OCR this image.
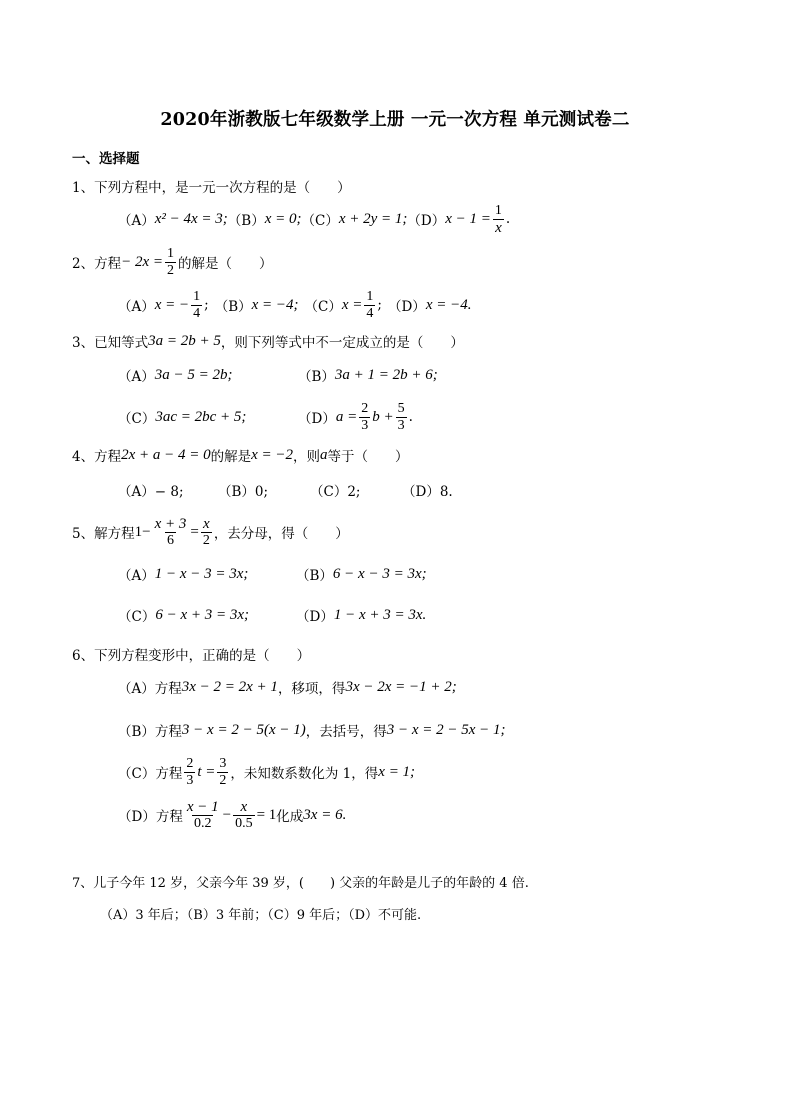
2020年浙教版七年级数学上册 一元一次方程 单元测试卷二
一、选择题
1、下列方程中，是一元一次方程的是（　　）
（A） x² − 4x = 3; （B） x = 0; （C） x + 2y = 1; （D） $x - 1 = \frac{1}{x}$ .
2、方程 − $2x = \frac{1}{2}$ 的解是（　　）
（A） x = − $\frac{1}{4}$ ; （B） x = −4; （C） $x = \frac{1}{4}$ ; （D） x = −4.
3、已知等式 3a = 2b + 5 ，则下列等式中不一定成立的是（　　）
（A） 3a − 5 = 2b;	（B） 3a + 1 = 2b + 6;
（C） 3ac = 2bc + 5;	（D） $a = \frac{2}{3}$ $b + \frac{5}{3}$ .
4、方程 2x + a − 4 = 0 的解是 x = −2 ，则 a 等于（　　）
（A）− 8;	（B）0;	（C）2;	（D）8.
5、解方程 $1- \frac{x + 3}{6} = \frac{x}{2}$ ，去分母，得（　　）
（A） 1 − x − 3 = 3x;	（B） 6 − x − 3 = 3x;
（C） 6 − x + 3 = 3x;	（D） 1 − x + 3 = 3x.
6、下列方程变形中，正确的是（　　）
（A）方程 3x − 2 = 2x + 1 ，移项，得 3x − 2x = −1 + 2;
（B）方程 3 − x = 2 − 5(x − 1) ，去括号，得 3 − x = 2 − 5x − 1;
（C）方程 $\frac{2}{3}$ $t = \frac{3}{2}$ ，未知数系数化为 1，得 x = 1;
（D）方程 $\frac{x - 1}{0.2} - \frac{x}{0.5} = 1$ 化成 3x = 6.
7、儿子今年 12 岁，父亲今年 39 岁，(　　) 父亲的年龄是儿子的年龄的 4 倍.
（A）3 年后；（B）3 年前；（C）9 年后；（D）不可能.
